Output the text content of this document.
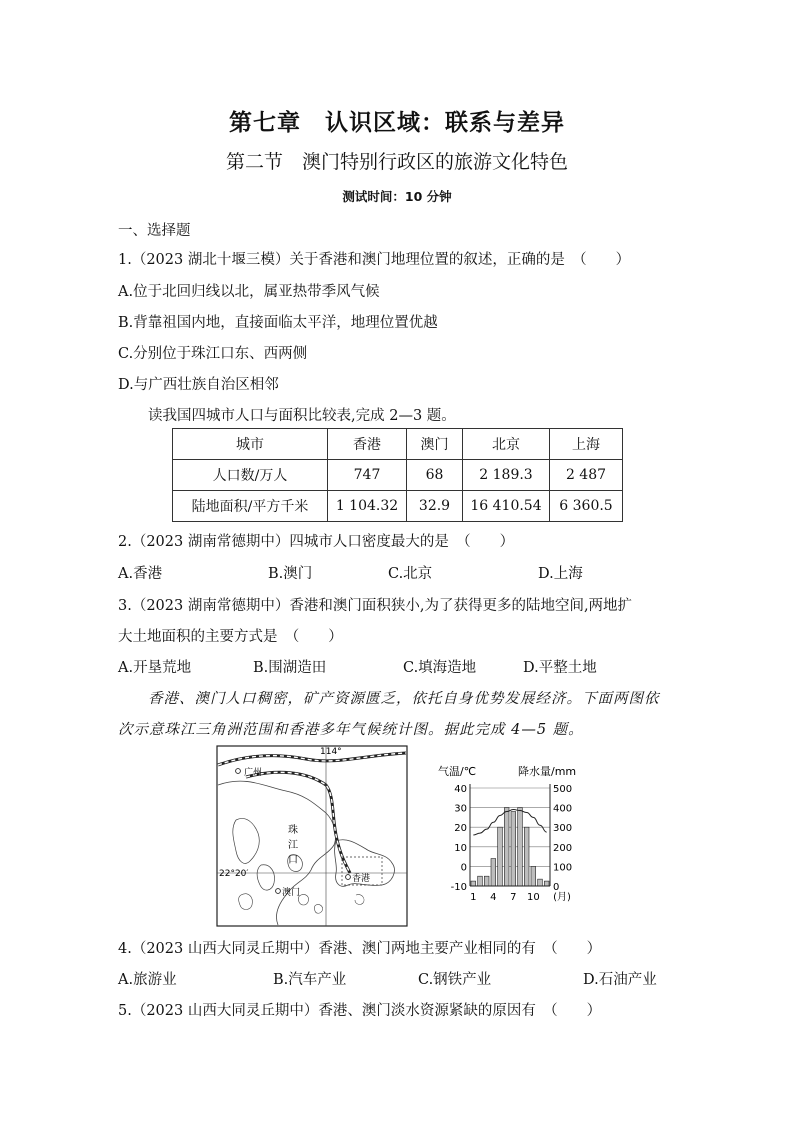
第七章　认识区域：联系与差异
第二节　澳门特别行政区的旅游文化特色
测试时间：10 分钟
一、选择题
1.（2023 湖北十堰三模）关于香港和澳门地理位置的叙述，正确的是　（　　）
A.位于北回归线以北，属亚热带季风气候
B.背靠祖国内地，直接面临太平洋，地理位置优越
C.分别位于珠江口东、西两侧
D.与广西壮族自治区相邻
读我国四城市人口与面积比较表,完成 2—3 题。
城市	香港	澳门	北京	上海
人口数/万人	747	68	2 189.3	2 487
陆地面积/平方千米	1 104.32	32.9	16 410.54	6 360.5
2.（2023 湖南常德期中）四城市人口密度最大的是　（　　）
A.香港	B.澳门	C.北京	D.上海
3.（2023 湖南常德期中）香港和澳门面积狭小,为了获得更多的陆地空间,两地扩
大土地面积的主要方式是　（　　）
A.开垦荒地	B.围湖造田	C.填海造地	D.平整土地
香港、澳门人口稠密，矿产资源匮乏，依托自身优势发展经济。下面两图依
次示意珠江三角洲范围和香港多年气候统计图。据此完成 4—5 题。
114°
22°20′
广州
珠
江
口
香港
澳门
气温/℃	降水量/mm
40
30
20
10
0
-10
500
400
300
200
100
0
1 4 7 10 (月)
4.（2023 山西大同灵丘期中）香港、澳门两地主要产业相同的有　（　　）
A.旅游业	B.汽车产业	C.钢铁产业	D.石油产业
5.（2023 山西大同灵丘期中）香港、澳门淡水资源紧缺的原因有　（　　）
